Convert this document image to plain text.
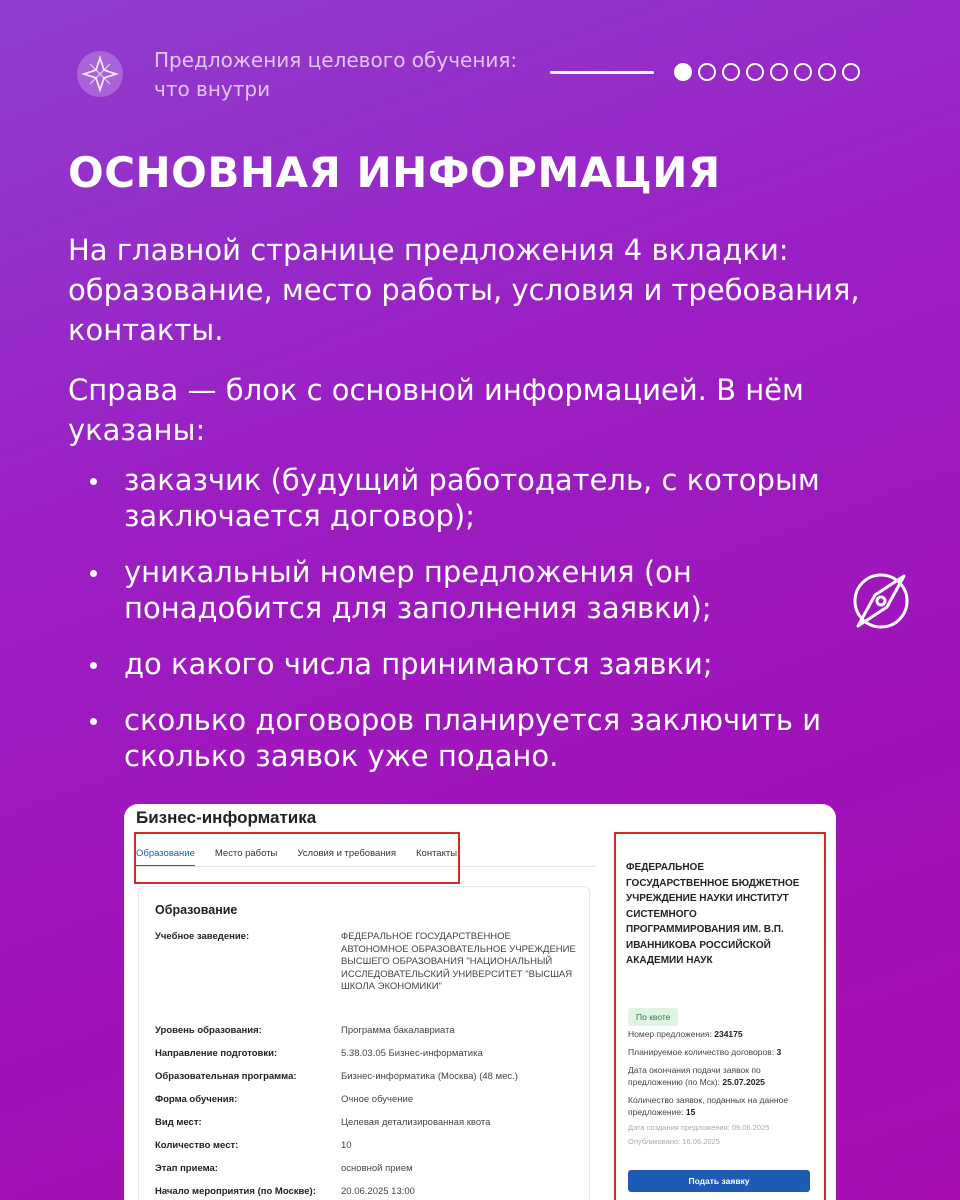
Предложения целевого обучения: что внутри
ОСНОВНАЯ ИНФОРМАЦИЯ
На главной странице предложения 4 вкладки: образование, место работы, условия и требования, контакты.
Справа — блок с основной информацией. В нём указаны:
заказчик (будущий работодатель, с которым заключается договор);
уникальный номер предложения (он понадобится для заполнения заявки);
до какого числа принимаются заявки;
сколько договоров планируется заключить и сколько заявок уже подано.
Бизнес-информатика
Образование Место работы Условия и требования Контакты
Образование
Учебное заведение:	ФЕДЕРАЛЬНОЕ ГОСУДАРСТВЕННОЕ АВТОНОМНОЕ ОБРАЗОВАТЕЛЬНОЕ УЧРЕЖДЕНИЕ ВЫСШЕГО ОБРАЗОВАНИЯ "НАЦИОНАЛЬНЫЙ ИССЛЕДОВАТЕЛЬСКИЙ УНИВЕРСИТЕТ "ВЫСШАЯ ШКОЛА ЭКОНОМИКИ"
Уровень образования:	Программа бакалавриата
Направление подготовки:	5.38.03.05 Бизнес-информатика
Образовательная программа:	Бизнес-информатика (Москва) (48 мес.)
Форма обучения:	Очное обучение
Вид мест:	Целевая детализированная квота
Количество мест:	10
Этап приема:	основной прием
Начало мероприятия (по Москве):	20.06.2025 13:00
ФЕДЕРАЛЬНОЕ ГОСУДАРСТВЕННОЕ БЮДЖЕТНОЕ УЧРЕЖДЕНИЕ НАУКИ ИНСТИТУТ СИСТЕМНОГО ПРОГРАММИРОВАНИЯ ИМ. В.П. ИВАННИКОВА РОССИЙСКОЙ АКАДЕМИИ НАУК
По квоте
Номер предложения: 234175
Планируемое количество договоров: 3
Дата окончания подачи заявок по предложению (по Мск): 25.07.2025
Количество заявок, поданных на данное предложение: 15
Дата создания предложения: 09.06.2025
Опубликовано: 16.06.2025
Подать заявку
